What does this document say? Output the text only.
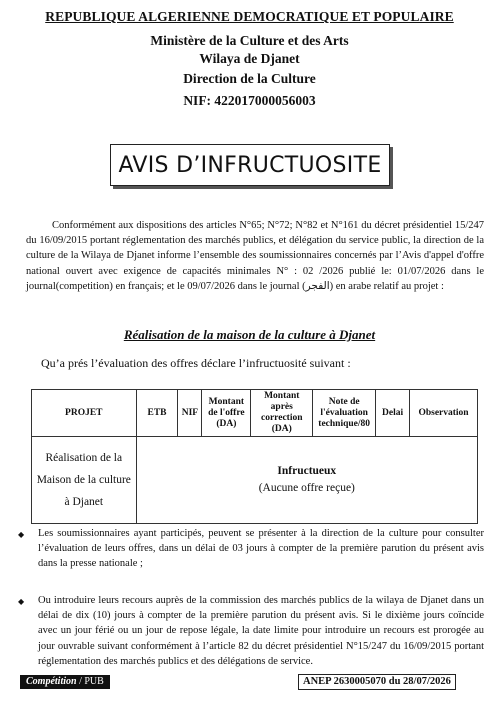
REPUBLIQUE ALGERIENNE DEMOCRATIQUE ET POPULAIRE
Ministère de la Culture et des Arts
Wilaya de Djanet
Direction de la Culture
NIF: 422017000056003
AVIS D’INFRUCTUOSITE
Conformément aux dispositions des articles N°65; N°72; N°82 et N°161 du décret présidentiel 15/247 du 16/09/2015 portant réglementation des marchés publics, et délégation du service public, la direction de la culture de la Wilaya de Djanet informe l’ensemble des soumissionnaires concernés par l’Avis d'appel d'offre national ouvert avec exigence de capacités minimales N° : 02 /2026 publié le: 01/07/2026 dans le journal(competition) en français; et le 09/07/2026 dans le journal (الفجر) en arabe relatif au projet :
Réalisation de la maison de la culture à Djanet
Qu’a prés l’évaluation des offres déclare l’infructuosité suivant :
PROJET	ETB	NIF	Montant de l'offre (DA)	Montant après correction (DA)	Note de l'évaluation technique/80	Delai	Observation
Réalisation de la Maison de la culture à Djanet	Infructueux
(Aucune offre reçue)						
◆ Les soumissionnaires ayant participés, peuvent se présenter à la direction de la culture pour consulter l’évaluation de leurs offres, dans un délai de 03 jours à compter de la première parution du présent avis dans la presse nationale ;
◆ Ou introduire leurs recours auprès de la commission des marchés publics de la wilaya de Djanet dans un délai de dix (10) jours à compter de la première parution du présent avis. Si le dixième jours coïncide avec un jour férié ou un jour de repose légale, la date limite pour introduire un recours est prorogée au jour ouvrable suivant conformément à l’article 82 du décret présidentiel N°15/247 du 16/09/2015 portant réglementation des marchés publics et des délégations de service.
Compétition / PUB	ANEP 2630005070 du 28/07/2026
